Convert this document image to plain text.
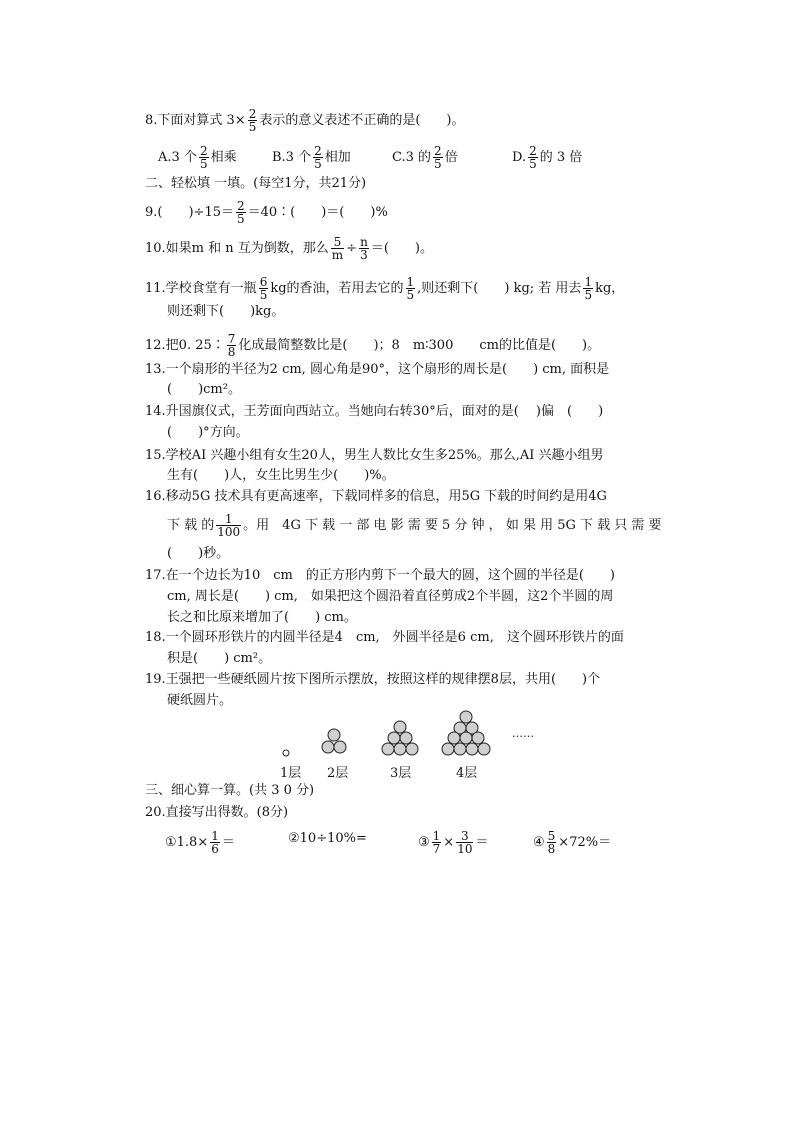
8.下面对算式 $3\times \frac{2}{5}$ 表示的意义表述不正确的是(　　)。
A.3 个 $\frac{2}{5}$ 相乘	B.3 个 $\frac{2}{5}$ 相加	C.3 的 $\frac{2}{5}$ 倍	D. $\frac{2}{5}$ 的 3 倍
二、轻松填 一填。(每空1分，共21分)
9.(　　)$\div 15= \frac{2}{5}$ ＝40∶(　　)＝(　　)%
10.如果m 和 n 互为倒数，那么 $\frac{5}{m} \div \frac{n}{3}$ ＝(　　)。
11.学校食堂有一瓶 $\frac{6}{5}$ kg的香油，若用去它的 $\frac{1}{5}$ ,则还剩下(　　) kg; 若 用去 $\frac{1}{5}$ kg，
则还剩下(　　)kg。
12.把0. 25∶ $\frac{7}{8}$ 化成最简整数比是(　　)；8　m∶300　　cm的比值是(　　)。
13.一个扇形的半径为2 cm, 圆心角是90°，这个扇形的周长是(　　) cm, 面积是
(　　)cm²。
14.升国旗仪式，王芳面向西站立。当她向右转30°后，面对的是(　 )偏　(　　)
(　　)°方向。
15.学校AI 兴趣小组有女生20人，男生人数比女生多25%。那么,AI 兴趣小组男
生有(　　)人，女生比男生少(　　)%。
16.移动5G 技术具有更高速率，下载同样多的信息，用5G 下载的时间约是用4G
下 载 的 $\frac{1}{100}$ 。用　4G 下 载 一 部 电 影 需 要 5 分 钟 ， 如 果 用 5G 下 载 只 需 要
(　　)秒。
17.在一个边长为10　cm　的正方形内剪下一个最大的圆，这个圆的半径是(　　)
cm, 周长是(　　) cm,　如果把这个圆沿着直径剪成2个半圆，这2个半圆的周
长之和比原来增加了(　　) cm。
18.一个圆环形铁片的内圆半径是4　cm,　外圆半径是6 cm,　这个圆环形铁片的面
积是(　　) cm²。
19.王强把一些硬纸圆片按下图所示摆放，按照这样的规律摆8层，共用(　　)个
硬纸圆片。
……
1层 2层	3层	4层
三、细心算一算。(共 3 0 分)
20.直接写出得数。(8分)
①1.8× $\frac{1}{6}$ ＝	②10÷10%=	③ $\frac{1}{7} \times \frac{3}{10}$ ＝	④ $\frac{5}{8} \times 72\%=$
